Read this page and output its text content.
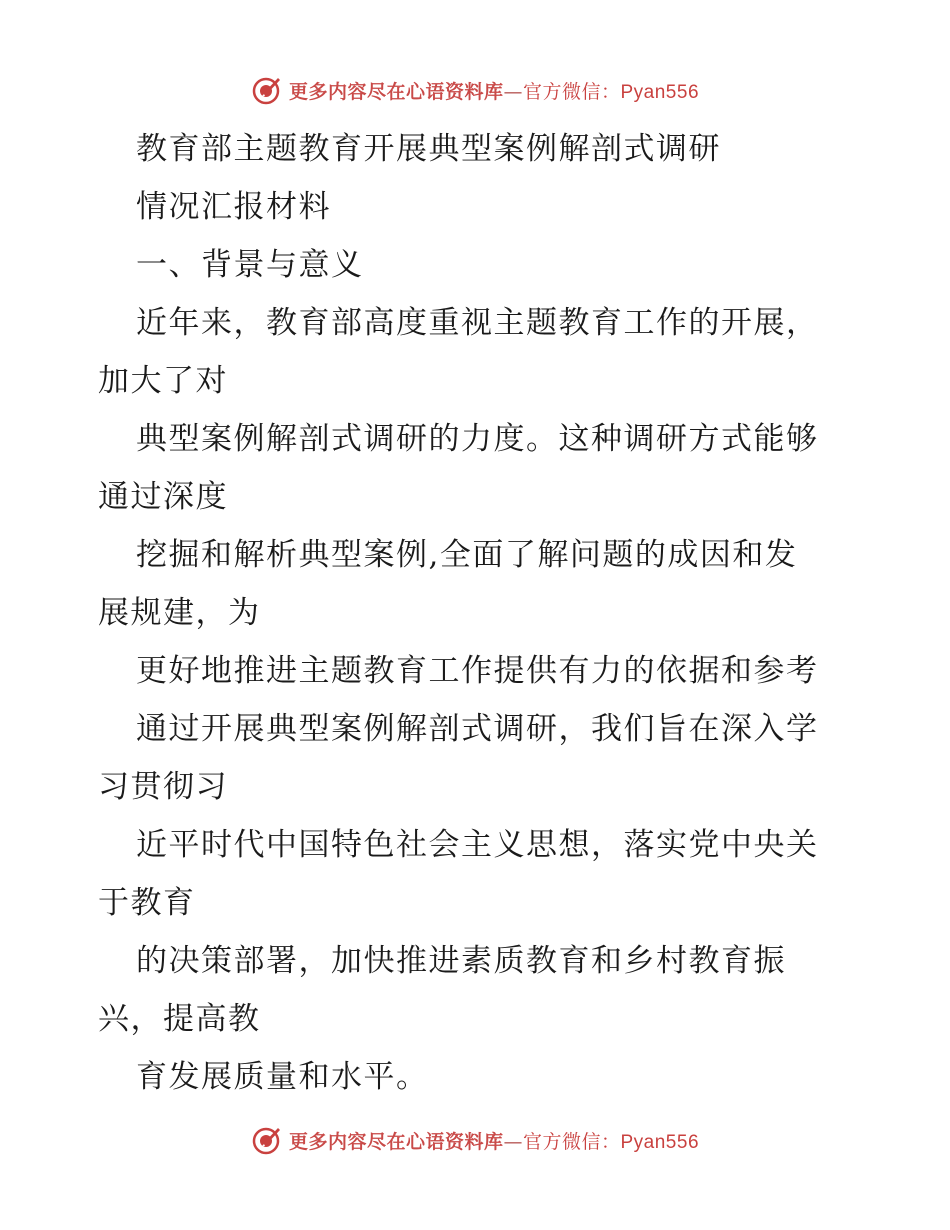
更多内容尽在心语资料库—官方微信：Pyan556
教育部主题教育开展典型案例解剖式调研
情况汇报材料
一、背景与意义
近年来，教育部高度重视主题教育工作的开展，
加大了对
典型案例解剖式调研的力度。这种调研方式能够
通过深度
挖掘和解析典型案例,全面了解问题的成因和发
展规建，为
更好地推进主题教育工作提供有力的依据和参考
通过开展典型案例解剖式调研，我们旨在深入学
习贯彻习
近平时代中国特色社会主义思想，落实党中央关
于教育
的决策部署，加快推进素质教育和乡村教育振
兴，提高教
育发展质量和水平。
更多内容尽在心语资料库—官方微信：Pyan556
